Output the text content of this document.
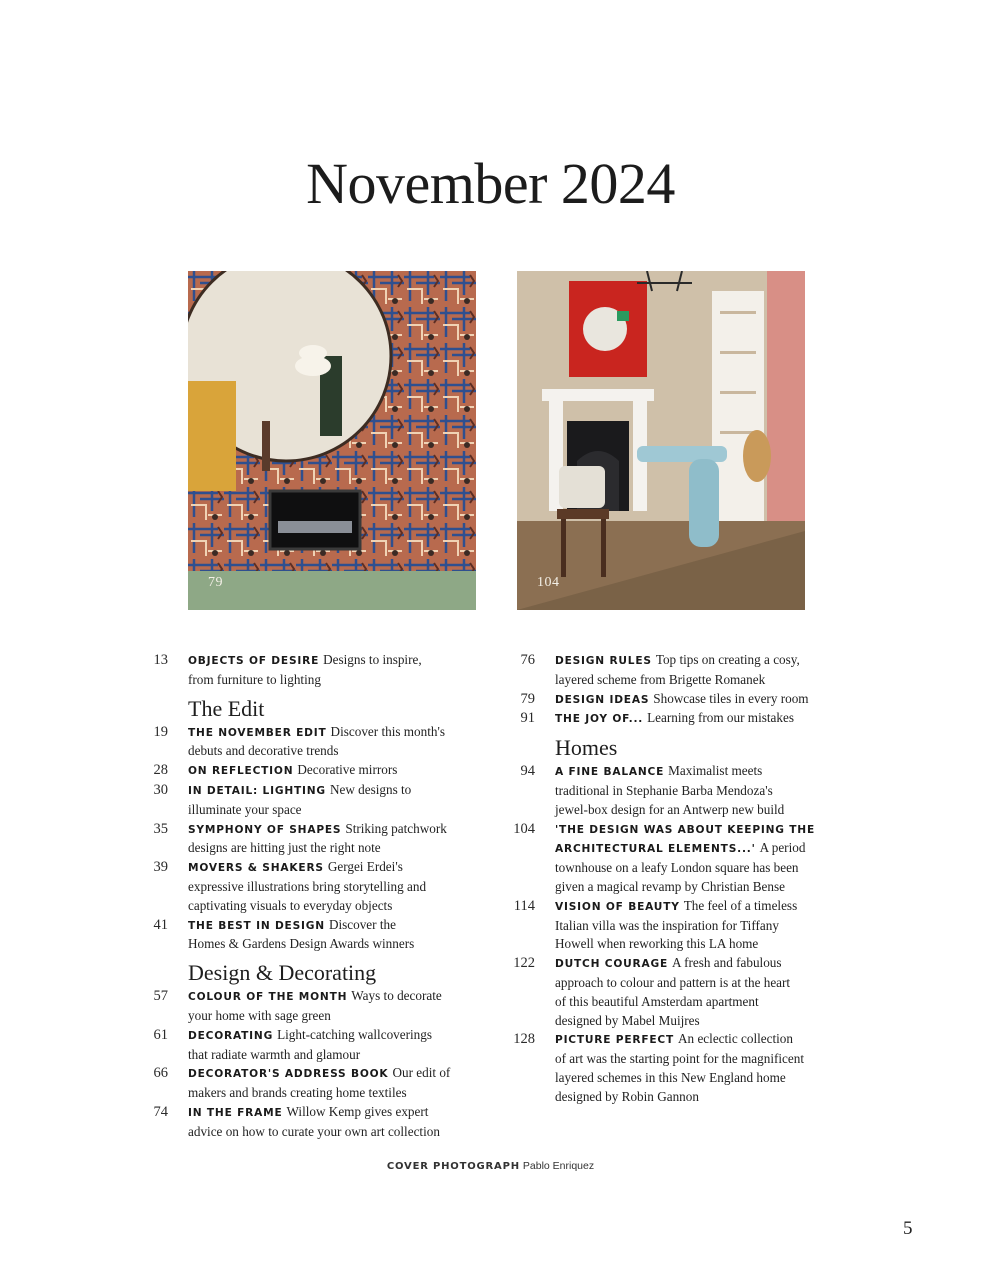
November 2024
79	104
13 OBJECTS OF DESIRE Designs to inspire,
from furniture to lighting
The Edit
19 THE NOVEMBER EDIT Discover this month's
debuts and decorative trends
28 ON REFLECTION Decorative mirrors
30 IN DETAIL: LIGHTING New designs to
illuminate your space
35 SYMPHONY OF SHAPES Striking patchwork
designs are hitting just the right note
39 MOVERS & SHAKERS Gergei Erdei's
expressive illustrations bring storytelling and
captivating visuals to everyday objects
41 THE BEST IN DESIGN Discover the
Homes & Gardens Design Awards winners
Design & Decorating
57 COLOUR OF THE MONTH Ways to decorate
your home with sage green
61 DECORATING Light-catching wallcoverings
that radiate warmth and glamour
66 DECORATOR'S ADDRESS BOOK Our edit of
makers and brands creating home textiles
74 IN THE FRAME Willow Kemp gives expert
advice on how to curate your own art collection
76 DESIGN RULES Top tips on creating a cosy,
layered scheme from Brigette Romanek
79 DESIGN IDEAS Showcase tiles in every room
91 THE JOY OF... Learning from our mistakes
Homes
94 A FINE BALANCE Maximalist meets
traditional in Stephanie Barba Mendoza's
jewel-box design for an Antwerp new build
104 'THE DESIGN WAS ABOUT KEEPING THE ARCHITECTURAL ELEMENTS...' A period
townhouse on a leafy London square has been
given a magical revamp by Christian Bense
114 VISION OF BEAUTY The feel of a timeless
Italian villa was the inspiration for Tiffany
Howell when reworking this LA home
122 DUTCH COURAGE A fresh and fabulous
approach to colour and pattern is at the heart
of this beautiful Amsterdam apartment
designed by Mabel Muijres
128 PICTURE PERFECT An eclectic collection
of art was the starting point for the magnificent
layered schemes in this New England home
designed by Robin Gannon
COVER PHOTOGRAPH Pablo Enriquez
5
